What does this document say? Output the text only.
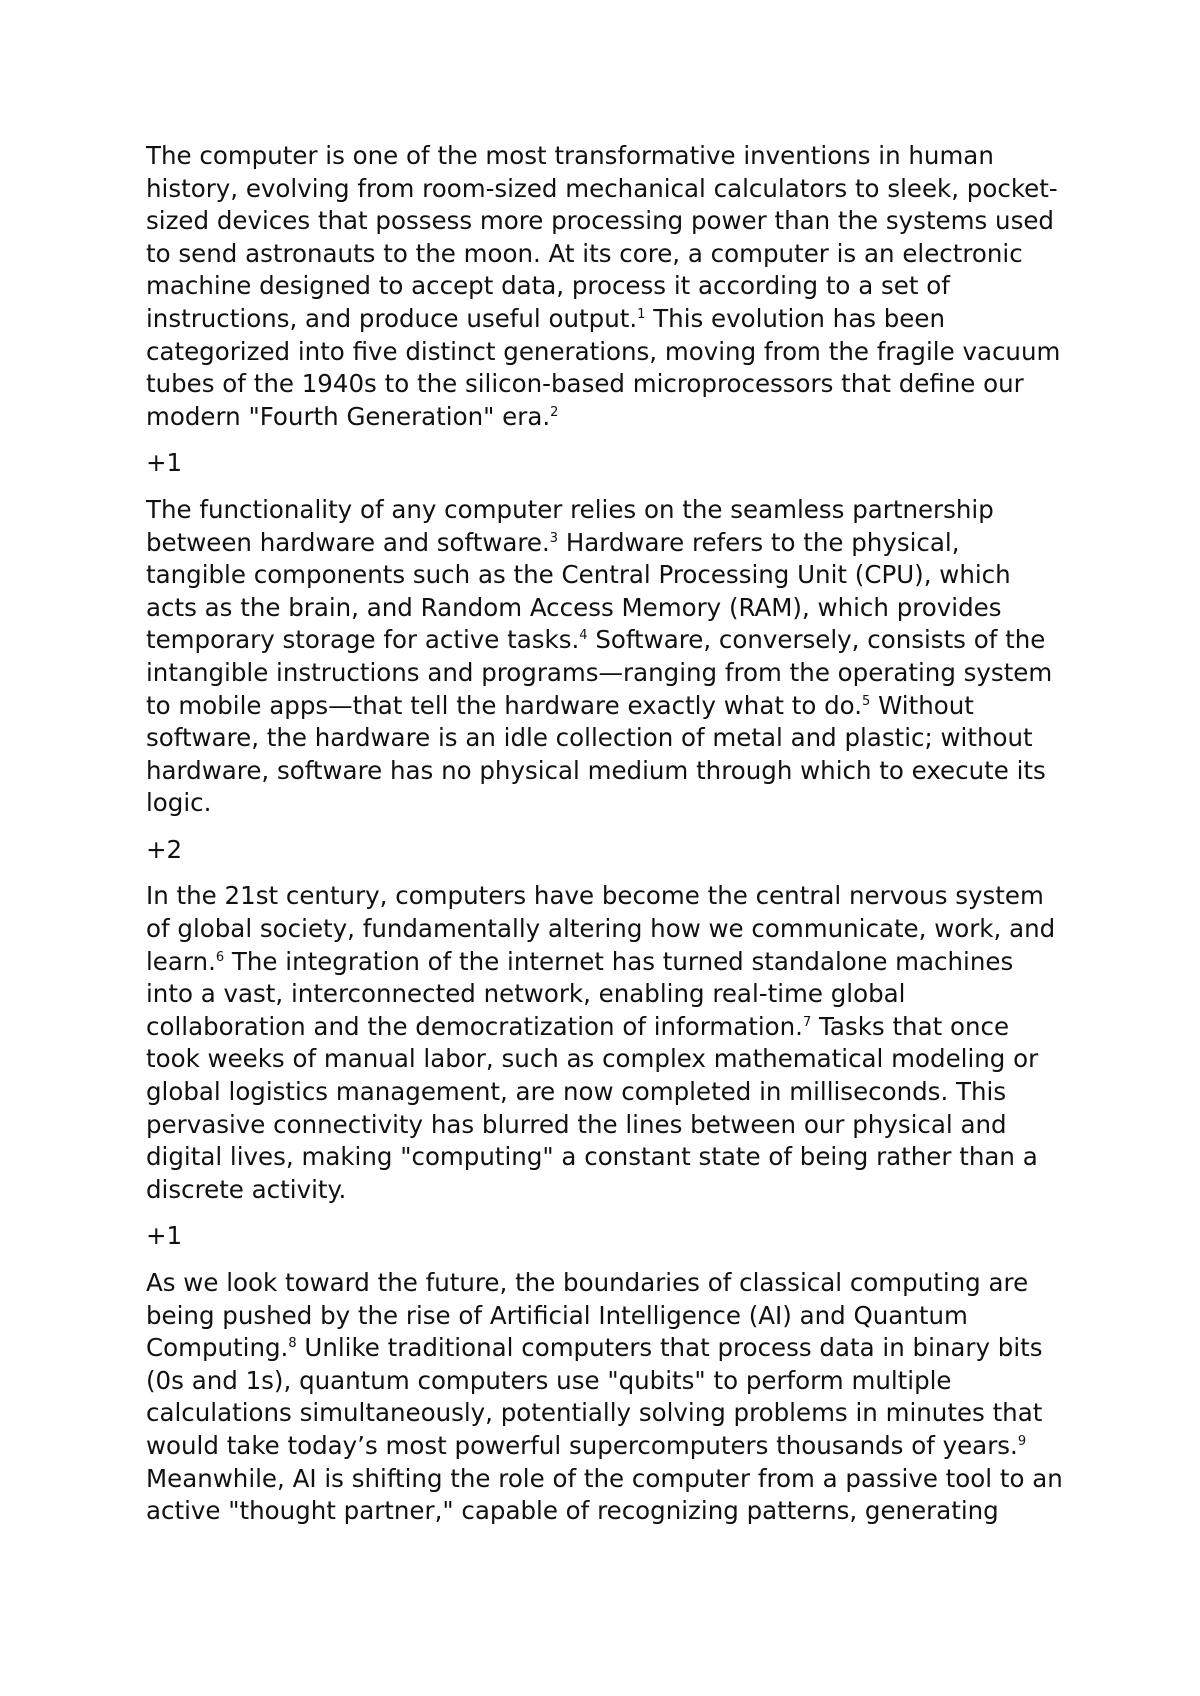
The computer is one of the most transformative inventions in human
history, evolving from room-sized mechanical calculators to sleek, pocket-
sized devices that possess more processing power than the systems used
to send astronauts to the moon. At its core, a computer is an electronic
machine designed to accept data, process it according to a set of
instructions, and produce useful output.$^1$ This evolution has been
categorized into five distinct generations, moving from the fragile vacuum
tubes of the 1940s to the silicon-based microprocessors that define our
modern "Fourth Generation" era.$^2$

+1

The functionality of any computer relies on the seamless partnership
between hardware and software.$^3$ Hardware refers to the physical,
tangible components such as the Central Processing Unit (CPU), which
acts as the brain, and Random Access Memory (RAM), which provides
temporary storage for active tasks.$^4$ Software, conversely, consists of the
intangible instructions and programs—ranging from the operating system
to mobile apps—that tell the hardware exactly what to do.$^5$ Without
software, the hardware is an idle collection of metal and plastic; without
hardware, software has no physical medium through which to execute its
logic.

+2

In the 21st century, computers have become the central nervous system
of global society, fundamentally altering how we communicate, work, and
learn.$^6$ The integration of the internet has turned standalone machines
into a vast, interconnected network, enabling real-time global
collaboration and the democratization of information.$^7$ Tasks that once
took weeks of manual labor, such as complex mathematical modeling or
global logistics management, are now completed in milliseconds. This
pervasive connectivity has blurred the lines between our physical and
digital lives, making "computing" a constant state of being rather than a
discrete activity.

+1

As we look toward the future, the boundaries of classical computing are
being pushed by the rise of Artificial Intelligence (AI) and Quantum
Computing.$^8$ Unlike traditional computers that process data in binary bits
(0s and 1s), quantum computers use "qubits" to perform multiple
calculations simultaneously, potentially solving problems in minutes that
would take today’s most powerful supercomputers thousands of years.$^9$
Meanwhile, AI is shifting the role of the computer from a passive tool to an
active "thought partner," capable of recognizing patterns, generating
